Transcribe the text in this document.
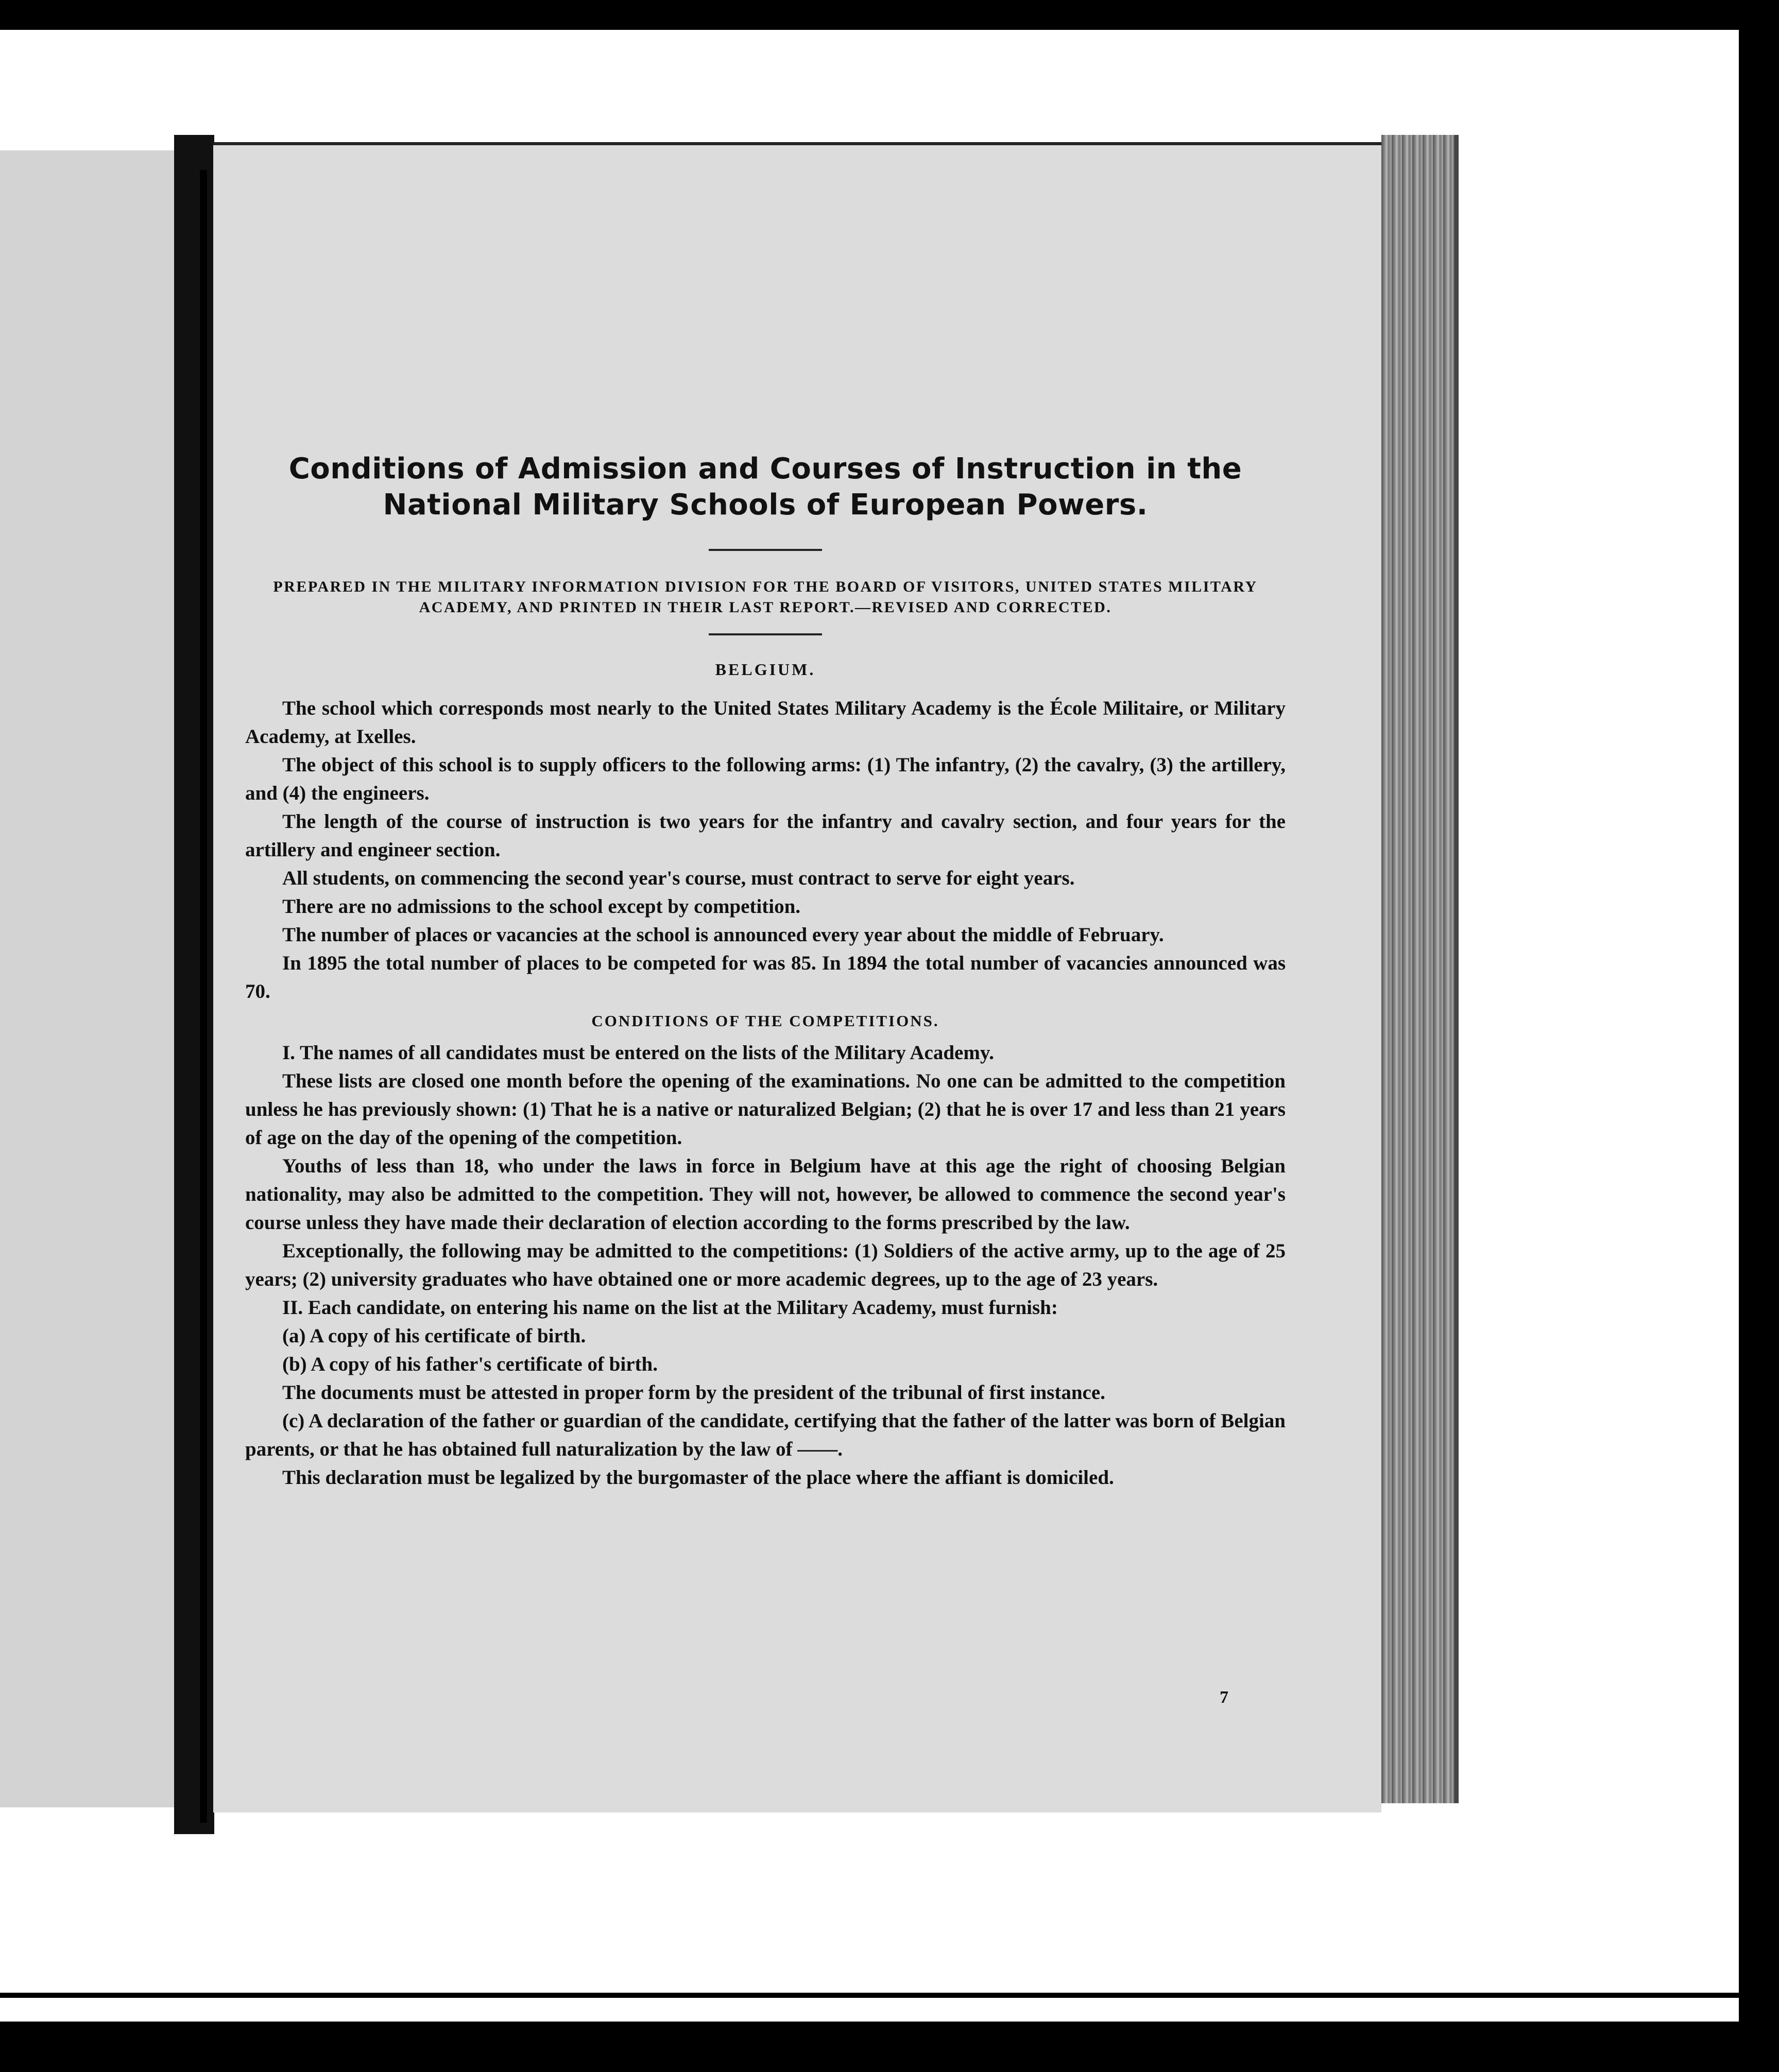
Conditions of Admission and Courses of Instruction in the National Military Schools of European Powers.
PREPARED IN THE MILITARY INFORMATION DIVISION FOR THE BOARD OF VISITORS, UNITED STATES MILITARY ACADEMY, AND PRINTED IN THEIR LAST REPORT.—REVISED AND CORRECTED.
BELGIUM.

The school which corresponds most nearly to the United States Military Academy is the École Militaire, or Military Academy, at Ixelles.

The object of this school is to supply officers to the following arms: (1) The infantry, (2) the cavalry, (3) the artillery, and (4) the engineers.

The length of the course of instruction is two years for the infantry and cavalry section, and four years for the artillery and engineer section.

All students, on commencing the second year's course, must contract to serve for eight years.

There are no admissions to the school except by competition.

The number of places or vacancies at the school is announced every year about the middle of February.

In 1895 the total number of places to be competed for was 85. In 1894 the total number of vacancies announced was 70.

CONDITIONS OF THE COMPETITIONS.

I. The names of all candidates must be entered on the lists of the Military Academy.

These lists are closed one month before the opening of the examinations. No one can be admitted to the competition unless he has previously shown: (1) That he is a native or naturalized Belgian; (2) that he is over 17 and less than 21 years of age on the day of the opening of the competition.

Youths of less than 18, who under the laws in force in Belgium have at this age the right of choosing Belgian nationality, may also be admitted to the competition. They will not, however, be allowed to commence the second year's course unless they have made their declaration of election according to the forms prescribed by the law.

Exceptionally, the following may be admitted to the competitions: (1) Soldiers of the active army, up to the age of 25 years; (2) university graduates who have obtained one or more academic degrees, up to the age of 23 years.

II. Each candidate, on entering his name on the list at the Military Academy, must furnish:

(a) A copy of his certificate of birth.

(b) A copy of his father's certificate of birth.

The documents must be attested in proper form by the president of the tribunal of first instance.

(c) A declaration of the father or guardian of the candidate, certifying that the father of the latter was born of Belgian parents, or that he has obtained full naturalization by the law of ——.

This declaration must be legalized by the burgomaster of the place where the affiant is domiciled.

7
